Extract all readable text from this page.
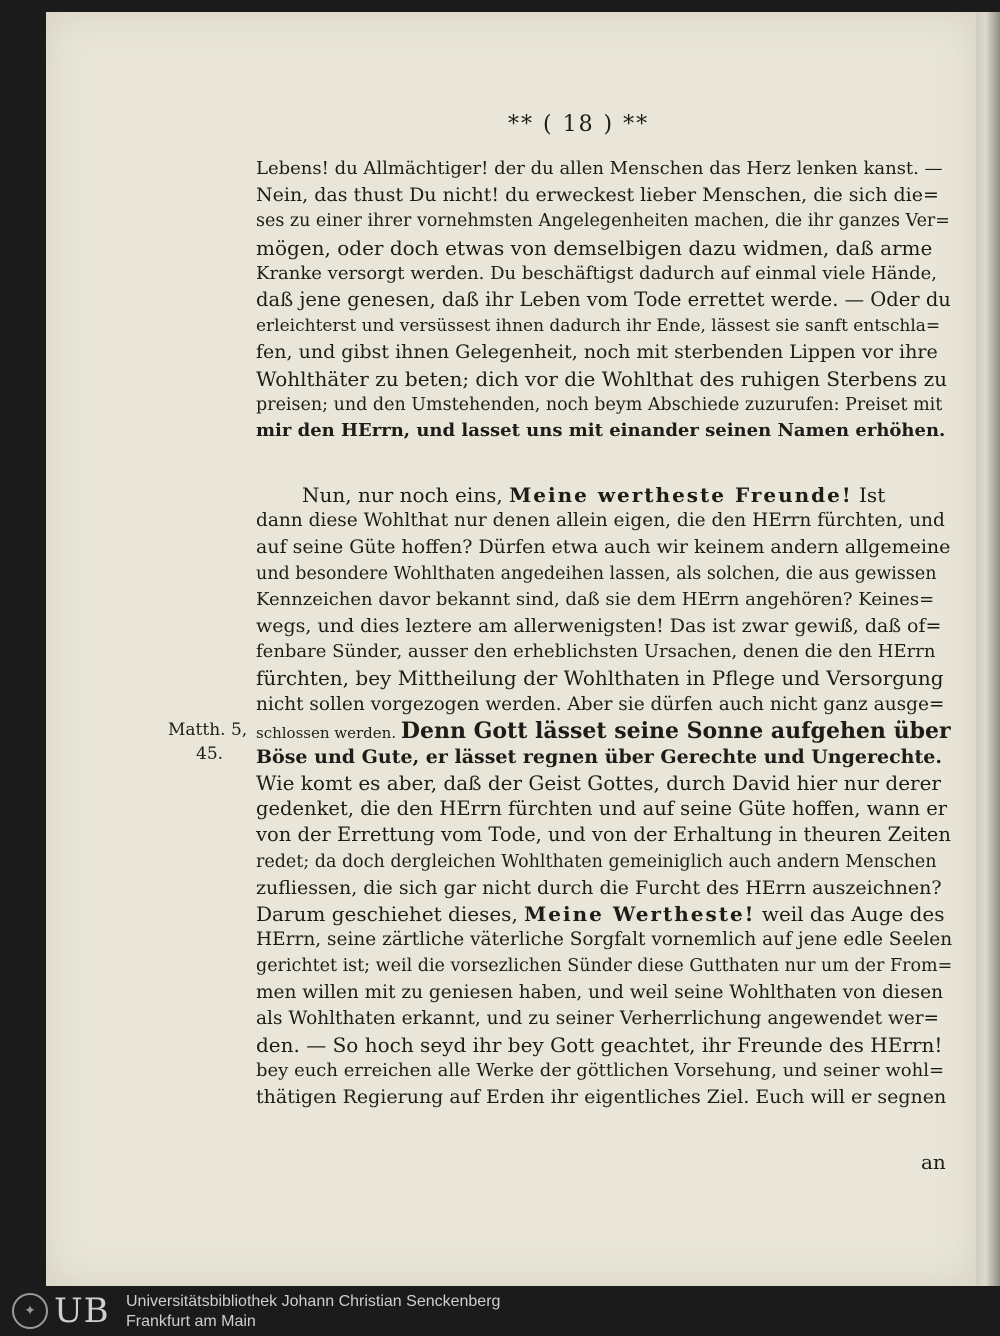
** ( 18 ) **
Lebens! du Allmächtiger! der du allen Menschen das Herz lenken kanst. —
Nein, das thust Du nicht! du erweckest lieber Menschen, die sich die=
ses zu einer ihrer vornehmsten Angelegenheiten machen, die ihr ganzes Ver=
mögen, oder doch etwas von demselbigen dazu widmen, daß arme
Kranke versorgt werden. Du beschäftigst dadurch auf einmal viele Hände,
daß jene genesen, daß ihr Leben vom Tode errettet werde. — Oder du
erleichterst und versüssest ihnen dadurch ihr Ende, lässest sie sanft entschla=
fen, und gibst ihnen Gelegenheit, noch mit sterbenden Lippen vor ihre
Wohlthäter zu beten; dich vor die Wohlthat des ruhigen Sterbens zu
preisen; und den Umstehenden, noch beym Abschiede zuzurufen: Preiset mit
mir den HErrn, und lasset uns mit einander seinen Namen erhöhen.
Nun, nur noch eins, Meine wertheste Freunde! Ist
dann diese Wohlthat nur denen allein eigen, die den HErrn fürchten, und
auf seine Güte hoffen? Dürfen etwa auch wir keinem andern allgemeine
und besondere Wohlthaten angedeihen lassen, als solchen, die aus gewissen
Kennzeichen davor bekannt sind, daß sie dem HErrn angehören? Keines=
wegs, und dies leztere am allerwenigsten! Das ist zwar gewiß, daß of=
fenbare Sünder, ausser den erheblichsten Ursachen, denen die den HErrn
fürchten, bey Mittheilung der Wohlthaten in Pflege und Versorgung
nicht sollen vorgezogen werden. Aber sie dürfen auch nicht ganz ausge=
schlossen werden. Denn Gott lässet seine Sonne aufgehen über
Böse und Gute, er lässet regnen über Gerechte und Ungerechte.
Wie komt es aber, daß der Geist Gottes, durch David hier nur derer
gedenket, die den HErrn fürchten und auf seine Güte hoffen, wann er
von der Errettung vom Tode, und von der Erhaltung in theuren Zeiten
redet; da doch dergleichen Wohlthaten gemeiniglich auch andern Menschen
zufliessen, die sich gar nicht durch die Furcht des HErrn auszeichnen?
Darum geschiehet dieses, Meine Wertheste! weil das Auge des
HErrn, seine zärtliche väterliche Sorgfalt vornemlich auf jene edle Seelen
gerichtet ist; weil die vorsezlichen Sünder diese Gutthaten nur um der From=
men willen mit zu geniesen haben, und weil seine Wohlthaten von diesen
als Wohlthaten erkannt, und zu seiner Verherrlichung angewendet wer=
den. — So hoch seyd ihr bey Gott geachtet, ihr Freunde des HErrn!
bey euch erreichen alle Werke der göttlichen Vorsehung, und seiner wohl=
thätigen Regierung auf Erden ihr eigentliches Ziel. Euch will er segnen
Matth. 5,
45.
an
✦ UB Universitätsbibliothek Johann Christian Senckenberg
Frankfurt am Main
